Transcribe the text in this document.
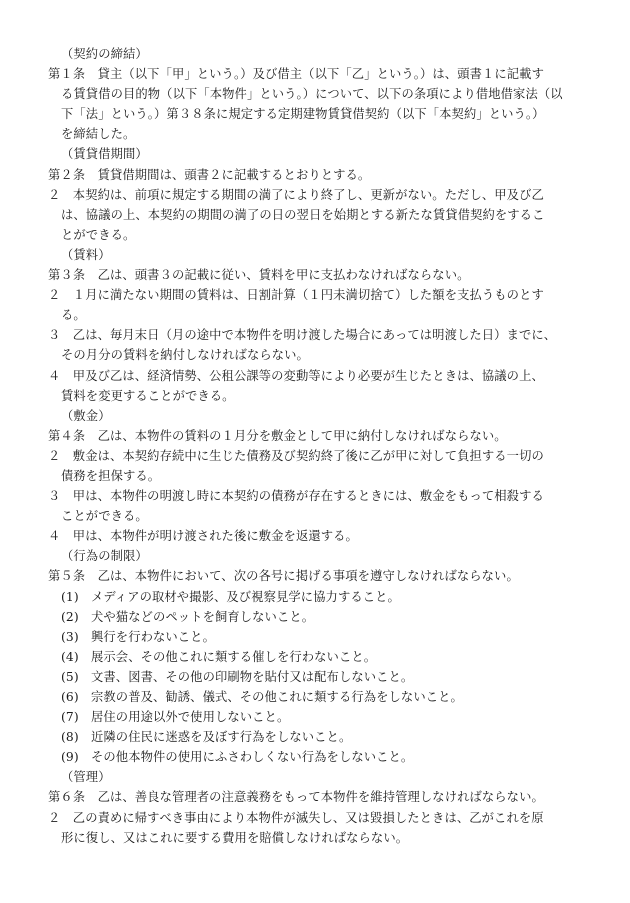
（契約の締結）
第１条　貸主（以下「甲」という。）及び借主（以下「乙」という。）は、頭書１に記載す
る賃貸借の目的物（以下「本物件」という。）について、以下の条項により借地借家法（以
下「法」という。）第３８条に規定する定期建物賃貸借契約（以下「本契約」という。）
を締結した。
（賃貸借期間）
第２条　賃貸借期間は、頭書２に記載するとおりとする。
２　本契約は、前項に規定する期間の満了により終了し、更新がない。ただし、甲及び乙
は、協議の上、本契約の期間の満了の日の翌日を始期とする新たな賃貸借契約をするこ
とができる。
（賃料）
第３条　乙は、頭書３の記載に従い、賃料を甲に支払わなければならない。
２　１月に満たない期間の賃料は、日割計算（１円未満切捨て）した額を支払うものとす
る。
３　乙は、毎月末日（月の途中で本物件を明け渡した場合にあっては明渡した日）までに、
その月分の賃料を納付しなければならない。
４　甲及び乙は、経済情勢、公租公課等の変動等により必要が生じたときは、協議の上、
賃料を変更することができる。
（敷金）
第４条　乙は、本物件の賃料の１月分を敷金として甲に納付しなければならない。
２　敷金は、本契約存続中に生じた債務及び契約終了後に乙が甲に対して負担する一切の
債務を担保する。
３　甲は、本物件の明渡し時に本契約の債務が存在するときには、敷金をもって相殺する
ことができる。
４　甲は、本物件が明け渡された後に敷金を返還する。
（行為の制限）
第５条　乙は、本物件において、次の各号に掲げる事項を遵守しなければならない。
(1) メディアの取材や撮影、及び視察見学に協力すること。
(2) 犬や猫などのペットを飼育しないこと。
(3) 興行を行わないこと。
(4) 展示会、その他これに類する催しを行わないこと。
(5) 文書、図書、その他の印刷物を貼付又は配布しないこと。
(6) 宗教の普及、勧誘、儀式、その他これに類する行為をしないこと。
(7) 居住の用途以外で使用しないこと。
(8) 近隣の住民に迷惑を及ぼす行為をしないこと。
(9) その他本物件の使用にふさわしくない行為をしないこと。
（管理）
第６条　乙は、善良な管理者の注意義務をもって本物件を維持管理しなければならない。
２　乙の責めに帰すべき事由により本物件が滅失し、又は毀損したときは、乙がこれを原
形に復し、又はこれに要する費用を賠償しなければならない。
